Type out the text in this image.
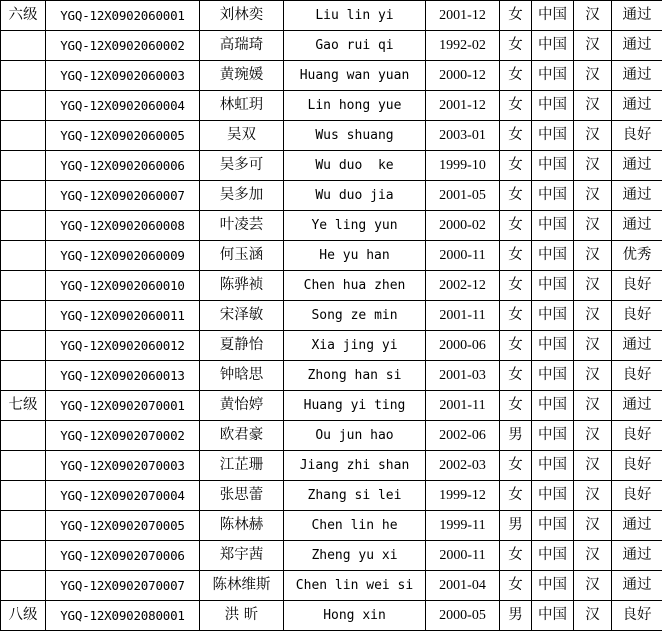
六级	YGQ-12X0902060001	刘林奕	Liu lin yi	2001-12	女	中国	汉	通过
	YGQ-12X0902060002	高瑞琦	Gao rui qi	1992-02	女	中国	汉	通过
	YGQ-12X0902060003	黄琬媛	Huang wan yuan	2000-12	女	中国	汉	通过
	YGQ-12X0902060004	林虹玥	Lin hong yue	2001-12	女	中国	汉	通过
	YGQ-12X0902060005	吴双	Wus shuang	2003-01	女	中国	汉	良好
	YGQ-12X0902060006	吴多可	Wu duo  ke	1999-10	女	中国	汉	通过
	YGQ-12X0902060007	吴多加	Wu duo jia	2001-05	女	中国	汉	通过
	YGQ-12X0902060008	叶凌芸	Ye ling yun	2000-02	女	中国	汉	通过
	YGQ-12X0902060009	何玉涵	He yu han	2000-11	女	中国	汉	优秀
	YGQ-12X0902060010	陈骅祯	Chen hua zhen	2002-12	女	中国	汉	良好
	YGQ-12X0902060011	宋泽敏	Song ze min	2001-11	女	中国	汉	良好
	YGQ-12X0902060012	夏静怡	Xia jing yi	2000-06	女	中国	汉	通过
	YGQ-12X0902060013	钟晗思	Zhong han si	2001-03	女	中国	汉	良好
七级	YGQ-12X0902070001	黄怡婷	Huang yi ting	2001-11	女	中国	汉	通过
	YGQ-12X0902070002	欧君豪	Ou jun hao	2002-06	男	中国	汉	良好
	YGQ-12X0902070003	江芷珊	Jiang zhi shan	2002-03	女	中国	汉	良好
	YGQ-12X0902070004	张思蕾	Zhang si lei	1999-12	女	中国	汉	良好
	YGQ-12X0902070005	陈林赫	Chen lin he	1999-11	男	中国	汉	通过
	YGQ-12X0902070006	郑宇茜	Zheng yu xi	2000-11	女	中国	汉	通过
	YGQ-12X0902070007	陈林维斯	Chen lin wei si	2001-04	女	中国	汉	通过
八级	YGQ-12X0902080001	洪 昕	Hong xin	2000-05	男	中国	汉	良好
